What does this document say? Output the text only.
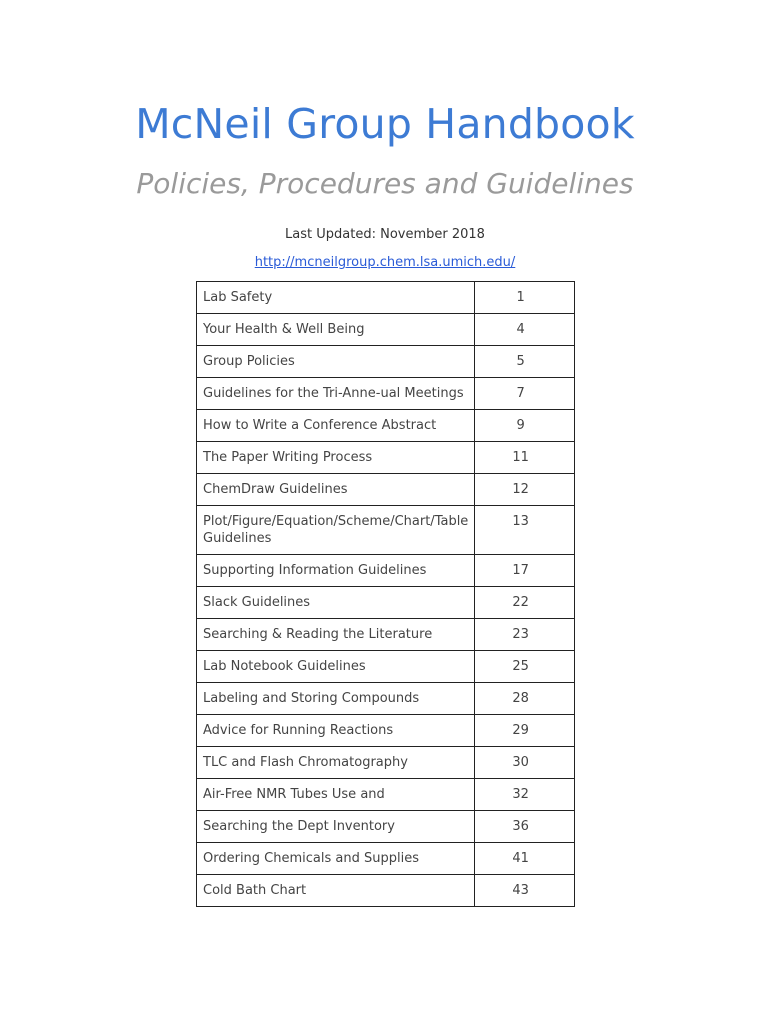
McNeil Group Handbook
Policies, Procedures and Guidelines
Last Updated: November 2018
http://mcneilgroup.chem.lsa.umich.edu/
Lab Safety	1
Your Health & Well Being	4
Group Policies	5
Guidelines for the Tri-Anne-ual Meetings	7
How to Write a Conference Abstract	9
The Paper Writing Process	11
ChemDraw Guidelines	12
Plot/Figure/Equation/Scheme/Chart/Table Guidelines	13
Supporting Information Guidelines	17
Slack Guidelines	22
Searching & Reading the Literature	23
Lab Notebook Guidelines	25
Labeling and Storing Compounds	28
Advice for Running Reactions	29
TLC and Flash Chromatography	30
Air-Free NMR Tubes Use and	32
Searching the Dept Inventory	36
Ordering Chemicals and Supplies	41
Cold Bath Chart	43
